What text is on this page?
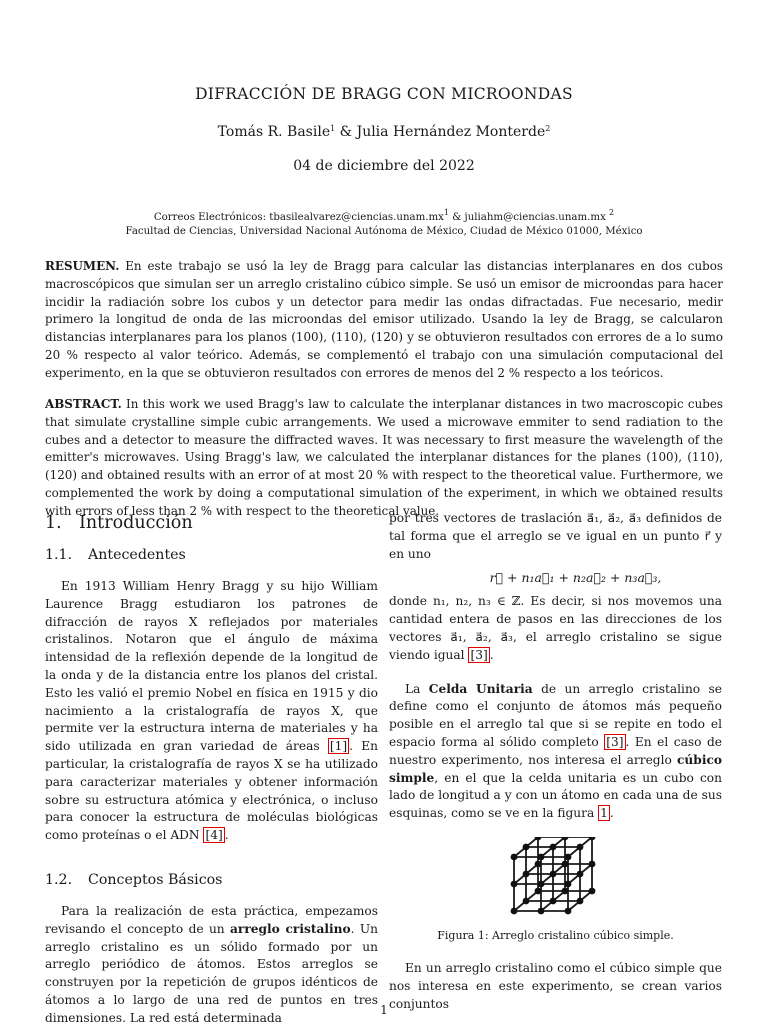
DIFRACCIÓN DE BRAGG CON MICROONDAS
Tomás R. Basile$^1$ & Julia Hernández Monterde$^2$
04 de diciembre del 2022
Correos Electrónicos: $tbasilealvarez@ciencias.unam.mx^1$ & juliahm@ciencias.unam.mx $^2$
Facultad de Ciencias, Universidad Nacional Autónoma de México, Ciudad de México 01000, México

RESUMEN. En este trabajo se usó la ley de Bragg para calcular las distancias interplanares en dos cubos macroscópicos que simulan ser un arreglo cristalino cúbico simple. Se usó un emisor de microondas para hacer incidir la radiación sobre los cubos y un detector para medir las ondas difractadas. Fue necesario, medir primero la longitud de onda de las microondas del emisor utilizado. Usando la ley de Bragg, se calcularon distancias interplanares para los planos (100), (110), (120) y se obtuvieron resultados con errores de a lo sumo 20 % respecto al valor teórico. Además, se complementó el trabajo con una simulación computacional del experimento, en la que se obtuvieron resultados con errores de menos del 2 % respecto a los teóricos.

ABSTRACT. In this work we used Bragg's law to calculate the interplanar distances in two macroscopic cubes that simulate crystalline simple cubic arrangements. We used a microwave emmiter to send radiation to the cubes and a detector to measure the diffracted waves. It was necessary to first measure the wavelength of the emitter's microwaves. Using Bragg's law, we calculated the interplanar distances for the planes (100), (110), (120) and obtained results with an error of at most 20 % with respect to the theoretical value. Furthermore, we complemented the work by doing a computational simulation of the experiment, in which we obtained results with errors of less than 2 % with respect to the theoretical value.

1. Introducción
1.1. Antecedentes

En 1913 William Henry Bragg y su hijo William Laurence Bragg estudiaron los patrones de difracción de rayos X reflejados por materiales cristalinos. Notaron que el ángulo de máxima intensidad de la reflexión depende de la longitud de la onda y de la distancia entre los planos del cristal. Esto les valió el premio Nobel en física en 1915 y dio nacimiento a la cristalografía de rayos X, que permite ver la estructura interna de materiales y ha sido utilizada en gran variedad de áreas [1] . En particular, la cristalografía de rayos X se ha utilizado para caracterizar materiales y obtener información sobre su estructura atómica y electrónica, o incluso para conocer la estructura de moléculas biológicas como proteínas o el ADN [4] .

1.2. Conceptos Básicos

Para la realización de esta práctica, empezamos revisando el concepto de un arreglo cristalino. Un arreglo cristalino es un sólido formado por un arreglo periódico de átomos. Estos arreglos se construyen por la repetición de grupos idénticos de átomos a lo largo de una red de puntos en tres dimensiones. La red está determinada

por tres vectores de traslación a⃗₁, a⃗₂, a⃗₃ definidos de tal forma que el arreglo se ve igual en un punto r⃗ y en uno

r⃗ + n₁a⃗₁ + n₂a⃗₂ + n₃a⃗₃,

donde n₁, n₂, n₃ ∈ ℤ. Es decir, si nos movemos una cantidad entera de pasos en las direcciones de los vectores a⃗₁, a⃗₂, a⃗₃, el arreglo cristalino se sigue viendo igual [3] .

La Celda Unitaria de un arreglo cristalino se define como el conjunto de átomos más pequeño posible en el arreglo tal que si se repite en todo el espacio forma al sólido completo [3] . En el caso de nuestro experimento, nos interesa el arreglo cúbico simple, en el que la celda unitaria es un cubo con lado de longitud a y con un átomo en cada una de sus esquinas, como se ve en la figura 1 .

Figura 1: Arreglo cristalino cúbico simple.

En un arreglo cristalino como el cúbico simple que nos interesa en este experimento, se crean varios conjuntos

1
